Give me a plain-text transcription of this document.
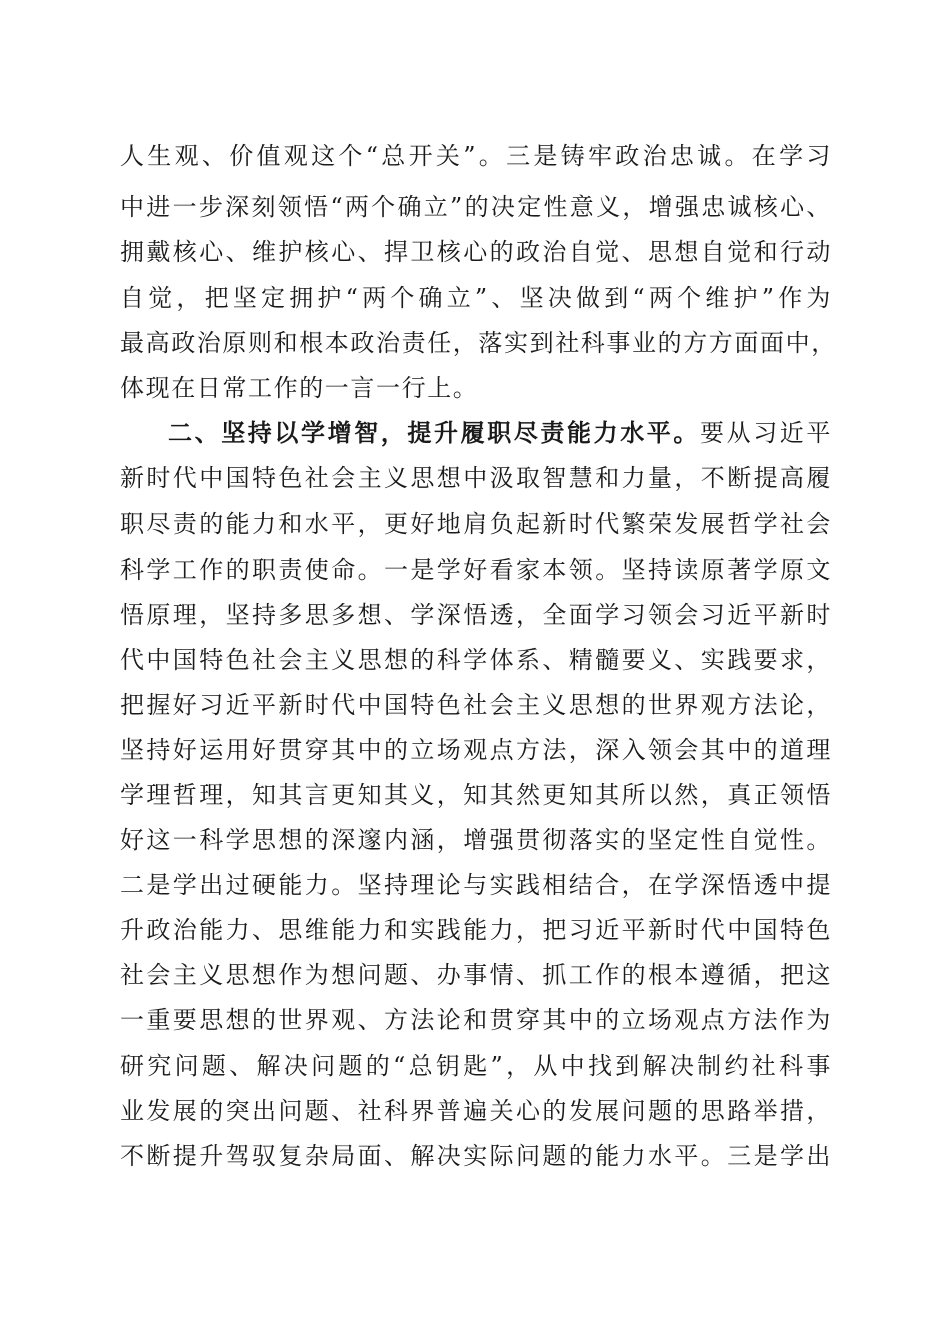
人生观、价值观这个“总开关”。三是铸牢政治忠诚。在学习
中进一步深刻领悟“两个确立”的决定性意义，增强忠诚核心、
拥戴核心、维护核心、捍卫核心的政治自觉、思想自觉和行动
自觉，把坚定拥护“两个确立”、坚决做到“两个维护”作为
最高政治原则和根本政治责任，落实到社科事业的方方面面中，
体现在日常工作的一言一行上。
二、坚持以学增智，提升履职尽责能力水平。要从习近平
新时代中国特色社会主义思想中汲取智慧和力量，不断提高履
职尽责的能力和水平，更好地肩负起新时代繁荣发展哲学社会
科学工作的职责使命。一是学好看家本领。坚持读原著学原文
悟原理，坚持多思多想、学深悟透，全面学习领会习近平新时
代中国特色社会主义思想的科学体系、精髓要义、实践要求，
把握好习近平新时代中国特色社会主义思想的世界观方法论，
坚持好运用好贯穿其中的立场观点方法，深入领会其中的道理
学理哲理，知其言更知其义，知其然更知其所以然，真正领悟
好这一科学思想的深邃内涵，增强贯彻落实的坚定性自觉性。
二是学出过硬能力。坚持理论与实践相结合，在学深悟透中提
升政治能力、思维能力和实践能力，把习近平新时代中国特色
社会主义思想作为想问题、办事情、抓工作的根本遵循，把这
一重要思想的世界观、方法论和贯穿其中的立场观点方法作为
研究问题、解决问题的“总钥匙”，从中找到解决制约社科事
业发展的突出问题、社科界普遍关心的发展问题的思路举措，
不断提升驾驭复杂局面、解决实际问题的能力水平。三是学出
